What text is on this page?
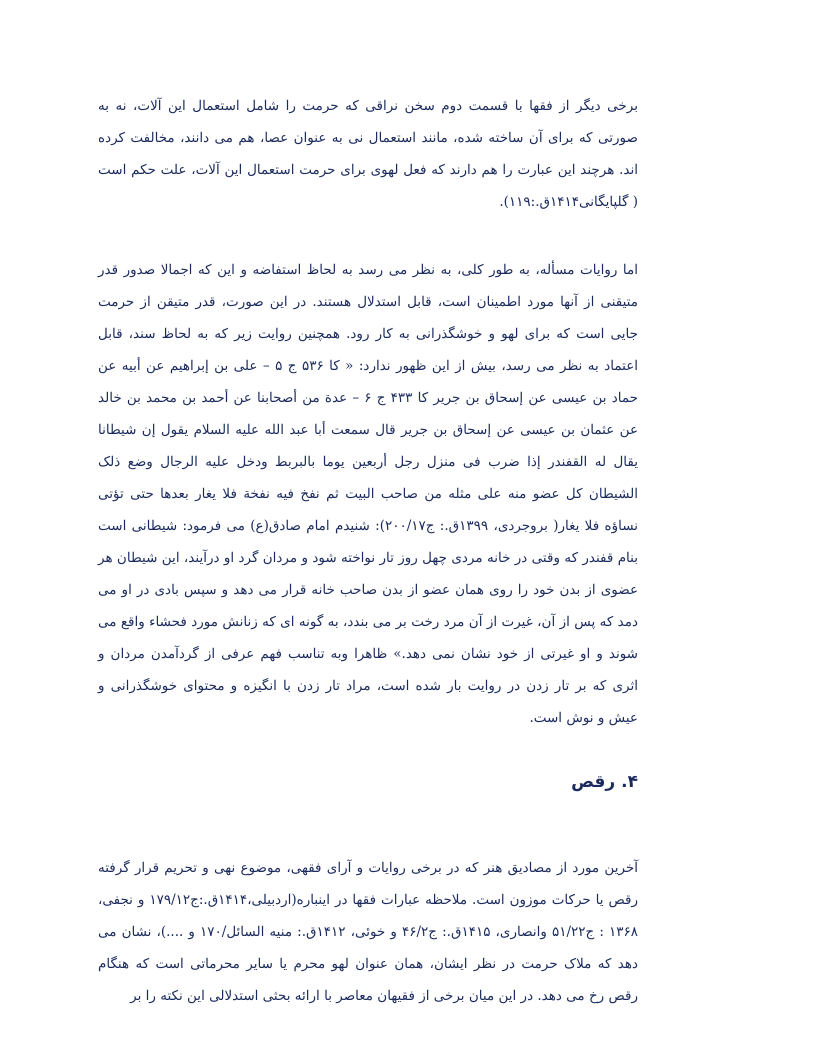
برخی دیگر از فقها با قسمت دوم سخن نراقی که حرمت را شامل استعمال این آلات، نه به صورتی که برای آن ساخته شده، مانند استعمال نی به عنوان عصا، هم می دانند، مخالفت کرده اند. هرچند این عبارت را هم دارند که فعل لهوی برای حرمت استعمال این آلات، علت حکم است ( گلپایگانی۱۴۱۴ق.:۱۱۹).

اما روایات مسأله، به طور کلی، به نظر می رسد به لحاظ استفاضه و این که اجمالا صدور قدر متیقنی از آنها مورد اطمینان است، قابل استدلال هستند. در این صورت، قدر متیقن از حرمت جایی است که برای لهو و خوشگذرانی به کار رود. همچنین روایت زیر که به لحاظ سند، قابل اعتماد به نظر می رسد، بیش از این ظهور ندارد: « کا ۵۳۶ ج ۵ – علی بن إبراهیم عن أبیه عن حماد بن عیسى عن إسحاق بن جریر کا ۴۳۳ ج ۶ – عدة من أصحابنا عن أحمد بن محمد بن خالد عن عثمان بن عیسى عن إسحاق بن جریر قال سمعت أبا عبد الله علیه السلام یقول إن شیطانا یقال له القفندر إذا ضرب فی منزل رجل أربعین یوما بالبربط ودخل علیه الرجال وضع ذلک الشیطان کل عضو منه على مثله من صاحب البیت ثم نفخ فیه نفخة فلا یغار بعدها حتى تؤتى نساؤه فلا یغار( بروجردی، ۱۳۹۹ق.: ج۲۰۰/۱۷): شنیدم امام صادق(ع) می فرمود: شیطانی است بنام قفندر که وقتی در خانه مردی چهل روز تار نواخته شود و مردان گرد او درآیند، این شیطان هر عضوی از بدن خود را روی همان عضو از بدن صاحب خانه قرار می دهد و سپس بادی در او می دمد که پس از آن، غیرت از آن مرد رخت بر می بندد، به گونه ای که زنانش مورد فحشاء واقع می شوند و او غیرتی از خود نشان نمی دهد.» ظاهرا وبه تناسب فهم عرفی از گردآمدن مردان و اثری که بر تار زدن در روایت بار شده است، مراد تار زدن با انگیزه و محتوای خوشگذرانی و عیش و نوش است.

۴. رقص

آخرین مورد از مصادیق هنر که در برخی روایات و آرای فقهی، موضوع نهی و تحریم قرار گرفته رقص یا حرکات موزون است. ملاحظه عبارات فقها در اینباره(اردبیلی،۱۴۱۴ق.:ج۱۷۹/۱۲ و نجفی، ۱۳۶۸ : ج۵۱/۲۲ وانصاری، ۱۴۱۵ق.: ج۴۶/۲ و خوئی، ۱۴۱۲ق.: منیه السائل/۱۷۰ و ....)، نشان می دهد که ملاک حرمت در نظر ایشان، همان عنوان لهو محرم یا سایر محرماتی است که هنگام رقص رخ می دهد. در این میان برخی از فقیهان معاصر با ارائه بحثی استدلالی این نکته را بر
